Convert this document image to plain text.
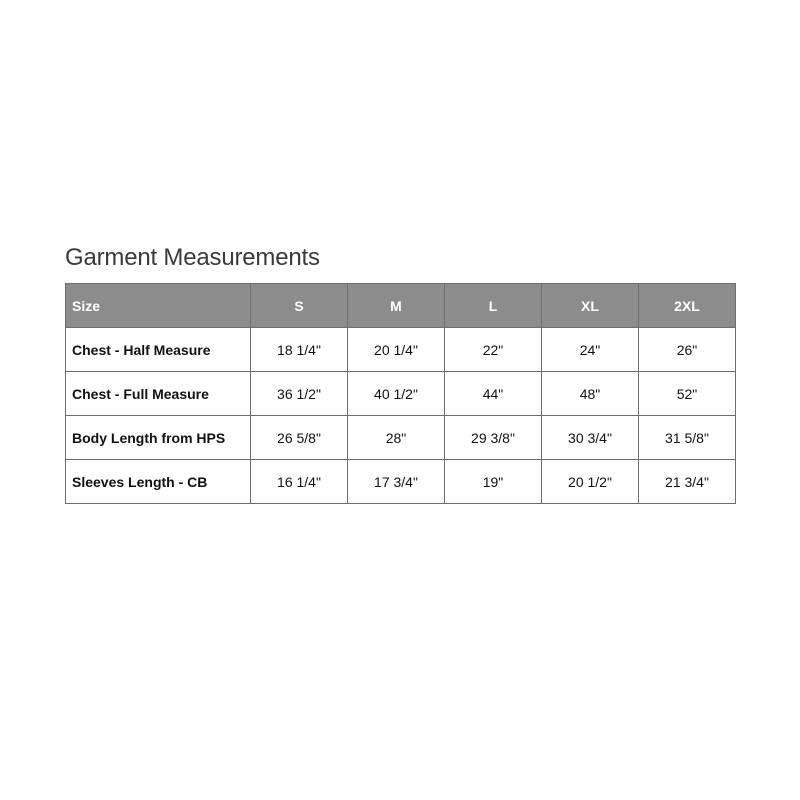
Garment Measurements
Size	S	M	L	XL	2XL
Chest - Half Measure	18 1/4"	20 1/4"	22"	24"	26"
Chest - Full Measure	36 1/2"	40 1/2"	44"	48"	52"
Body Length from HPS	26 5/8"	28"	29 3/8"	30 3/4"	31 5/8"
Sleeves Length - CB	16 1/4"	17 3/4"	19"	20 1/2"	21 3/4"
